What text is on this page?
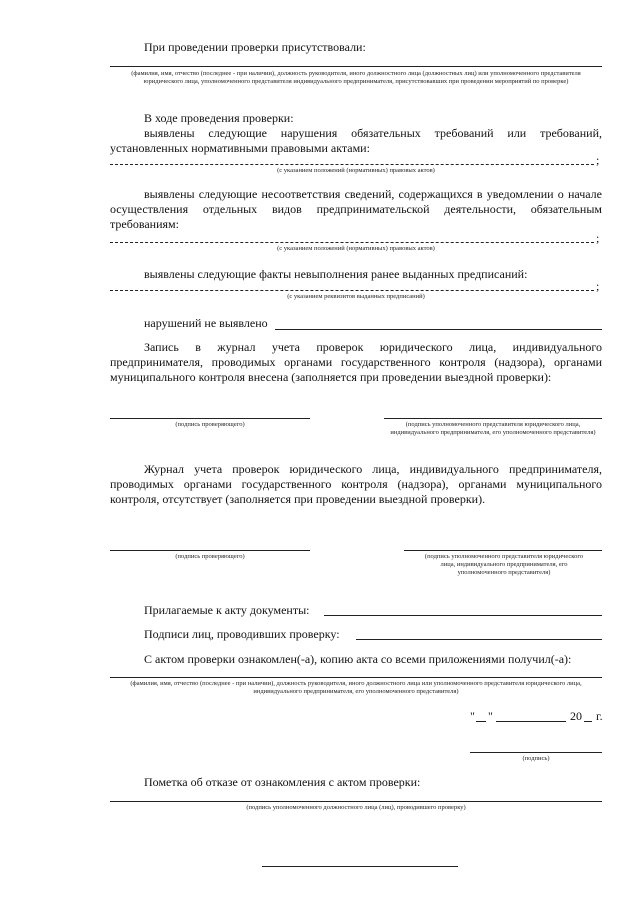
При проведении проверки присутствовали:
(фамилия, имя, отчество (последнее - при наличии), должность руководителя, иного должностного лица (должностных лиц) или уполномоченного представителя юридического лица, уполномоченного представителя индивидуального предпринимателя, присутствовавших при проведении мероприятий по проверке)
В ходе проведения проверки:
выявлены следующие нарушения обязательных требований или требований, установленных нормативными правовыми актами:
;
(с указанием положений (нормативных) правовых актов)
выявлены следующие несоответствия сведений, содержащихся в уведомлении о начале осуществления отдельных видов предпринимательской деятельности, обязательным требованиям:
;
(с указанием положений (нормативных) правовых актов)
выявлены следующие факты невыполнения ранее выданных предписаний:
;
(с указанием реквизитов выданных предписаний)
нарушений не выявлено
Запись в журнал учета проверок юридического лица, индивидуального предпринимателя, проводимых органами государственного контроля (надзора), органами муниципального контроля внесена (заполняется при проведении выездной проверки):
(подпись проверяющего)	(подпись уполномоченного представителя юридического лица, индивидуального предпринимателя, его уполномоченного представителя)
Журнал учета проверок юридического лица, индивидуального предпринимателя, проводимых органами государственного контроля (надзора), органами муниципального контроля, отсутствует (заполняется при проведении выездной проверки).
(подпись проверяющего)	(подпись уполномоченного представителя юридического лица, индивидуального предпринимателя, его уполномоченного представителя)
Прилагаемые к акту документы:
Подписи лиц, проводивших проверку:
С актом проверки ознакомлен(-а), копию акта со всеми приложениями получил(-а):
(фамилия, имя, отчество (последнее - при наличии), должность руководителя, иного должностного лица или уполномоченного представителя юридического лица, индивидуального предпринимателя, его уполномоченного представителя)
" "	20 г.
(подпись)
Пометка об отказе от ознакомления с актом проверки:
(подпись уполномоченного должностного лица (лиц), проводившего проверку)
